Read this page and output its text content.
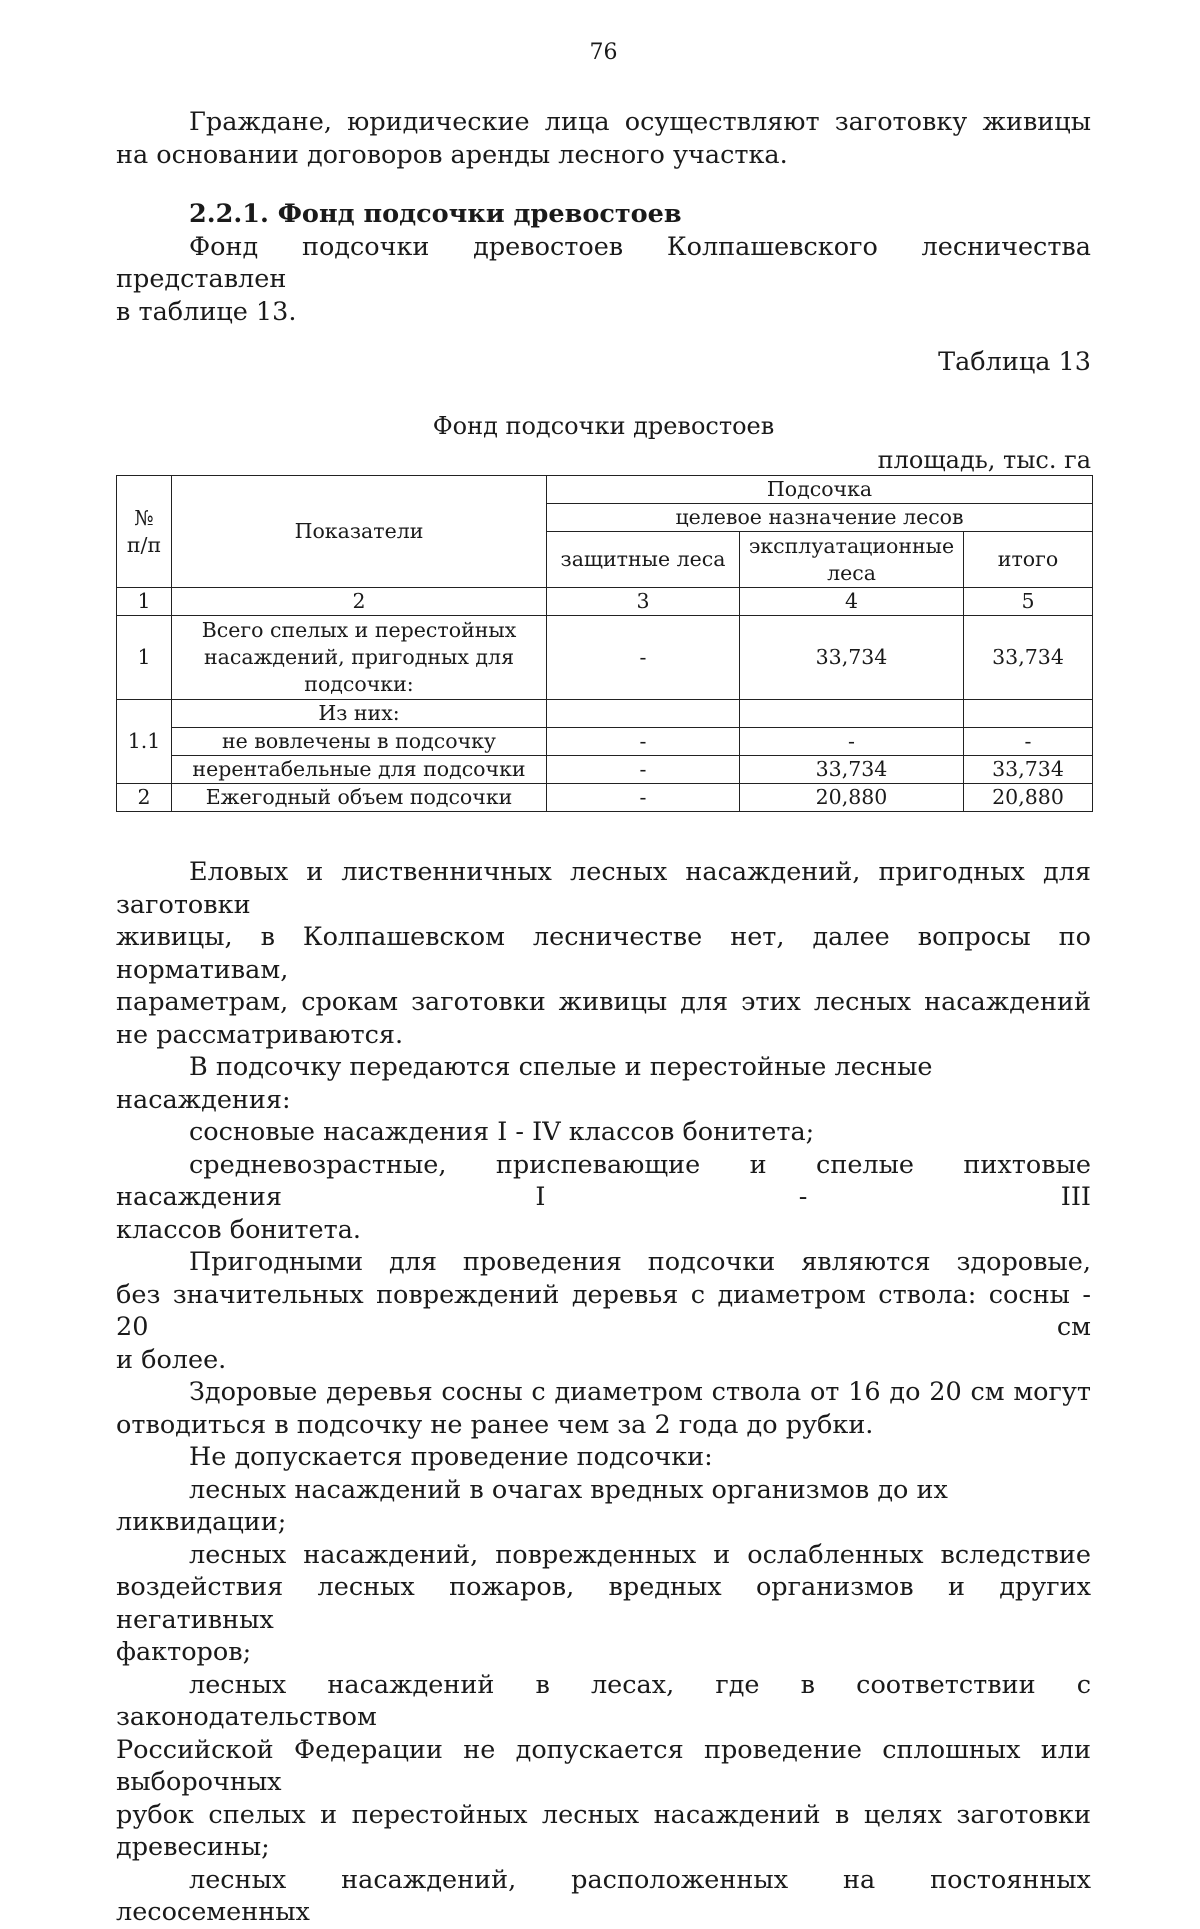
76
Граждане, юридические лица осуществляют заготовку живицы
на основании договоров аренды лесного участка.
2.2.1. Фонд подсочки древостоев
Фонд подсочки древостоев Колпашевского лесничества представлен
в таблице 13.
Таблица 13
Фонд подсочки древостоев
площадь, тыс. га
№ п/п	Показатели	Подсочка		
		целевое назначение лесов		
		защитные леса	эксплуатационные леса	итого
1	2	3	4	5
1	Всего спелых и перестойных насаждений, пригодных для подсочки:	-	33,734	33,734
1.1	Из них:			
	не вовлечены в подсочку	-	-	-
	нерентабельные для подсочки	-	33,734	33,734
2	Ежегодный объем подсочки	-	20,880	20,880
Еловых и лиственничных лесных насаждений, пригодных для заготовки
живицы, в Колпашевском лесничестве нет, далее вопросы по нормативам,
параметрам, срокам заготовки живицы для этих лесных насаждений
не рассматриваются.
В подсочку передаются спелые и перестойные лесные насаждения:
сосновые насаждения I - IV классов бонитета;
средневозрастные, приспевающие и спелые пихтовые насаждения I - III
классов бонитета.
Пригодными для проведения подсочки являются здоровые,
без значительных повреждений деревья с диаметром ствола: сосны - 20 см
и более.
Здоровые деревья сосны с диаметром ствола от 16 до 20 см могут
отводиться в подсочку не ранее чем за 2 года до рубки.
Не допускается проведение подсочки:
лесных насаждений в очагах вредных организмов до их ликвидации;
лесных насаждений, поврежденных и ослабленных вследствие
воздействия лесных пожаров, вредных организмов и других негативных
факторов;
лесных насаждений в лесах, где в соответствии с законодательством
Российской Федерации не допускается проведение сплошных или выборочных
рубок спелых и перестойных лесных насаждений в целях заготовки древесины;
лесных насаждений, расположенных на постоянных лесосеменных
